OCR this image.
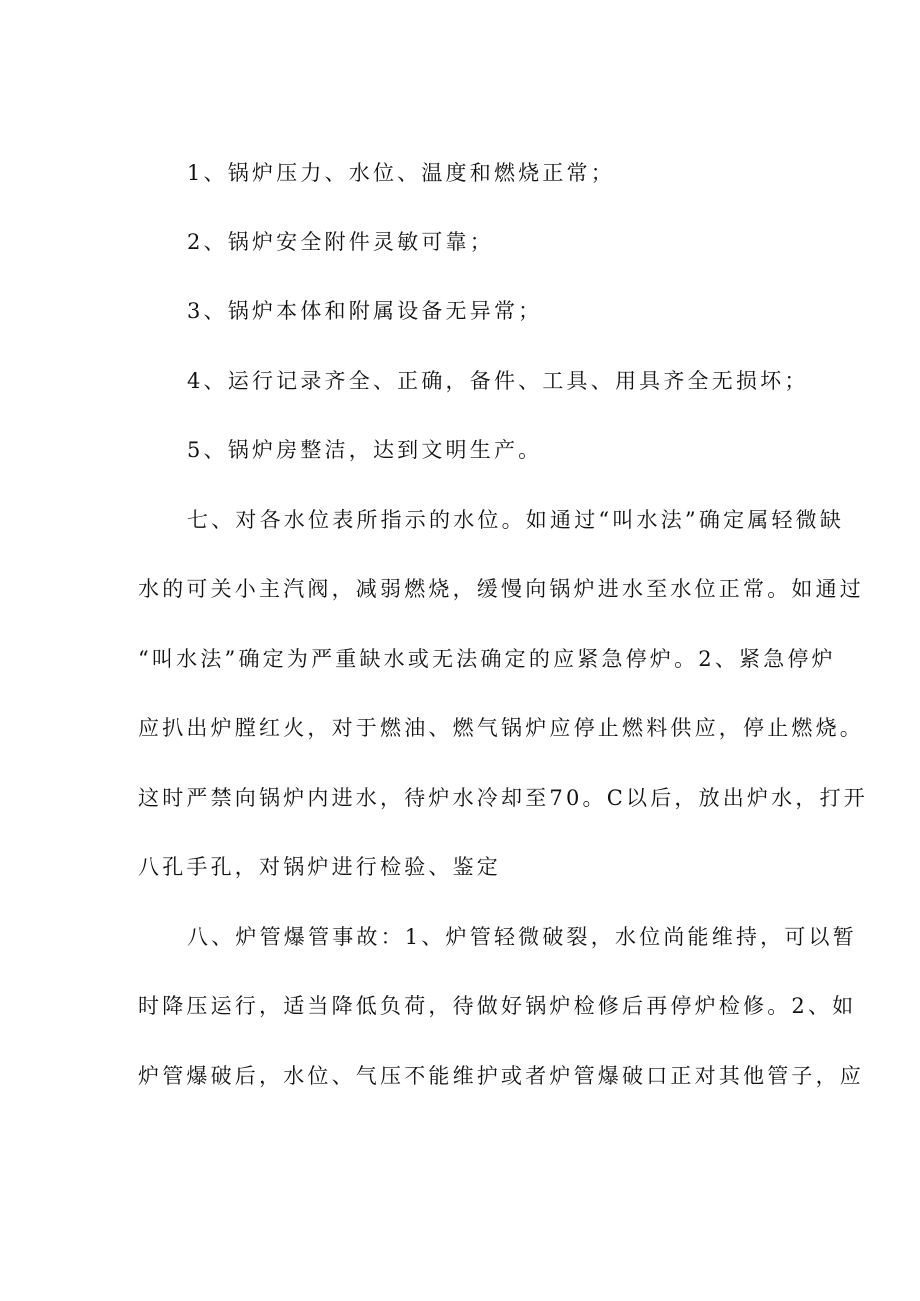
1、锅炉压力、水位、温度和燃烧正常；

2、锅炉安全附件灵敏可靠；

3、锅炉本体和附属设备无异常；

4、运行记录齐全、正确，备件、工具、用具齐全无损坏；

5、锅炉房整洁，达到文明生产。

七、对各水位表所指示的水位。如通过“叫水法”确定属轻微缺

水的可关小主汽阀，减弱燃烧，缓慢向锅炉进水至水位正常。如通过

“叫水法”确定为严重缺水或无法确定的应紧急停炉。2、紧急停炉

应扒出炉膛红火，对于燃油、燃气锅炉应停止燃料供应，停止燃烧。

这时严禁向锅炉内进水，待炉水冷却至70。C以后，放出炉水，打开

八孔手孔，对锅炉进行检验、鉴定

八、炉管爆管事故：1、炉管轻微破裂，水位尚能维持，可以暂

时降压运行，适当降低负荷，待做好锅炉检修后再停炉检修。2、如

炉管爆破后，水位、气压不能维护或者炉管爆破口正对其他管子，应
